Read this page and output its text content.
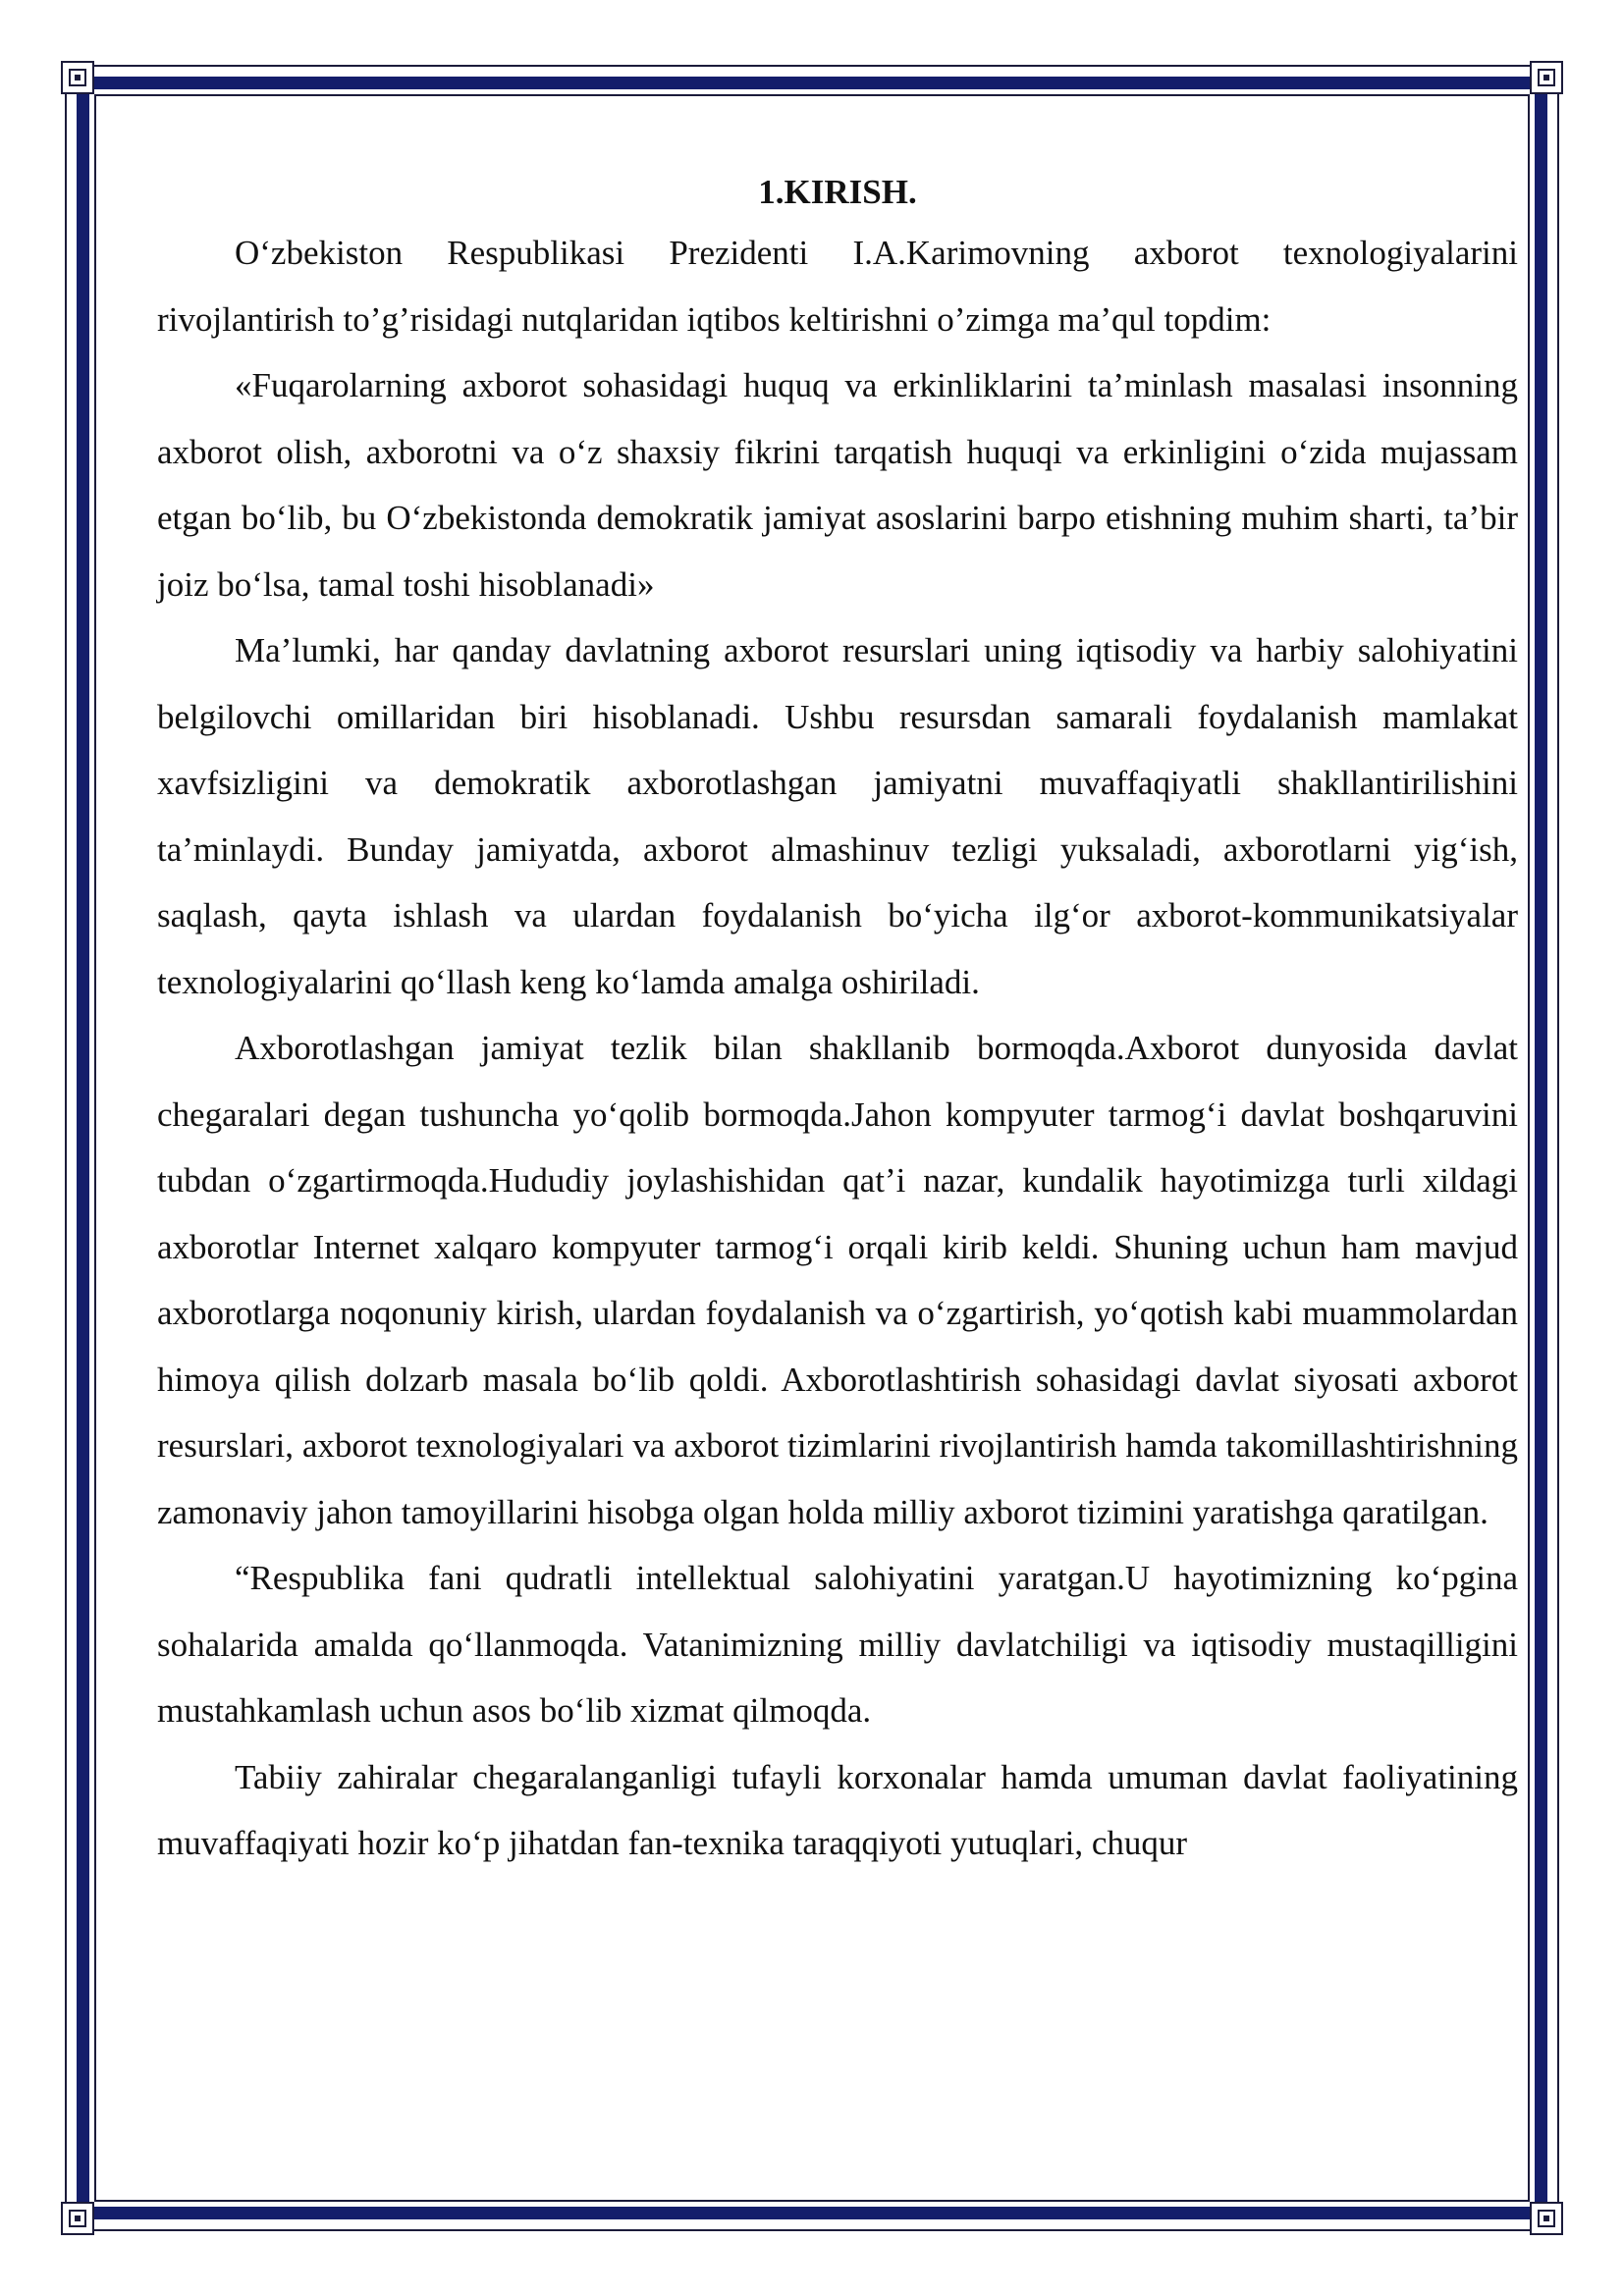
1.KIRISH.

O‘zbekiston Respublikasi Prezidenti I.A.Karimovning axborot texnologiyalarini rivojlantirish to’g’risidagi nutqlaridan iqtibos keltirishni o’zimga ma’qul topdim:

«Fuqarolarning axborot sohasidagi huquq va erkinliklarini ta’minlash masalasi insonning axborot olish, axborotni va o‘z shaxsiy fikrini tarqatish huquqi va erkinligini o‘zida mujassam etgan bo‘lib, bu O‘zbekistonda demokratik jamiyat asoslarini barpo etishning muhim sharti, ta’bir joiz bo‘lsa, tamal toshi hisoblanadi»

Ma’lumki, har qanday davlatning axborot resurslari uning iqtisodiy va harbiy salohiyatini belgilovchi omillaridan biri hisoblanadi. Ushbu resursdan samarali foydalanish mamlakat xavfsizligini va demokratik axborotlashgan jamiyatni muvaffaqiyatli shakllantirilishini ta’minlaydi. Bunday jamiyatda, axborot almashinuv tezligi yuksaladi, axborotlarni yig‘ish, saqlash, qayta ishlash va ulardan foydalanish bo‘yicha ilg‘or axborot-kommunikatsiyalar texnologiyalarini qo‘llash keng ko‘lamda amalga oshiriladi.

Axborotlashgan jamiyat tezlik bilan shakllanib bormoqda.Axborot dunyosida davlat chegaralari degan tushuncha yo‘qolib bormoqda.Jahon kompyuter tarmog‘i davlat boshqaruvini tubdan o‘zgartirmoqda.Hududiy joylashishidan qat’i nazar, kundalik hayotimizga turli xildagi axborotlar Internet xalqaro kompyuter tarmog‘i orqali kirib keldi. Shuning uchun ham mavjud axborotlarga noqonuniy kirish, ulardan foydalanish va o‘zgartirish, yo‘qotish kabi muammolardan himoya qilish dolzarb masala bo‘lib qoldi. Axborotlashtirish sohasidagi davlat siyosati axborot resurslari, axborot texnologiyalari va axborot tizimlarini rivojlantirish hamda takomillashtirishning zamonaviy jahon tamoyillarini hisobga olgan holda milliy axborot tizimini yaratishga qaratilgan.

“Respublika fani qudratli intellektual salohiyatini yaratgan.U hayotimizning ko‘pgina sohalarida amalda qo‘llanmoqda. Vatanimizning milliy davlatchiligi va iqtisodiy mustaqilligini mustahkamlash uchun asos bo‘lib xizmat qilmoqda.

Tabiiy zahiralar chegaralanganligi tufayli korxonalar hamda umuman davlat faoliyatining muvaffaqiyati hozir ko‘p jihatdan fan-texnika taraqqiyoti yutuqlari, chuqur
